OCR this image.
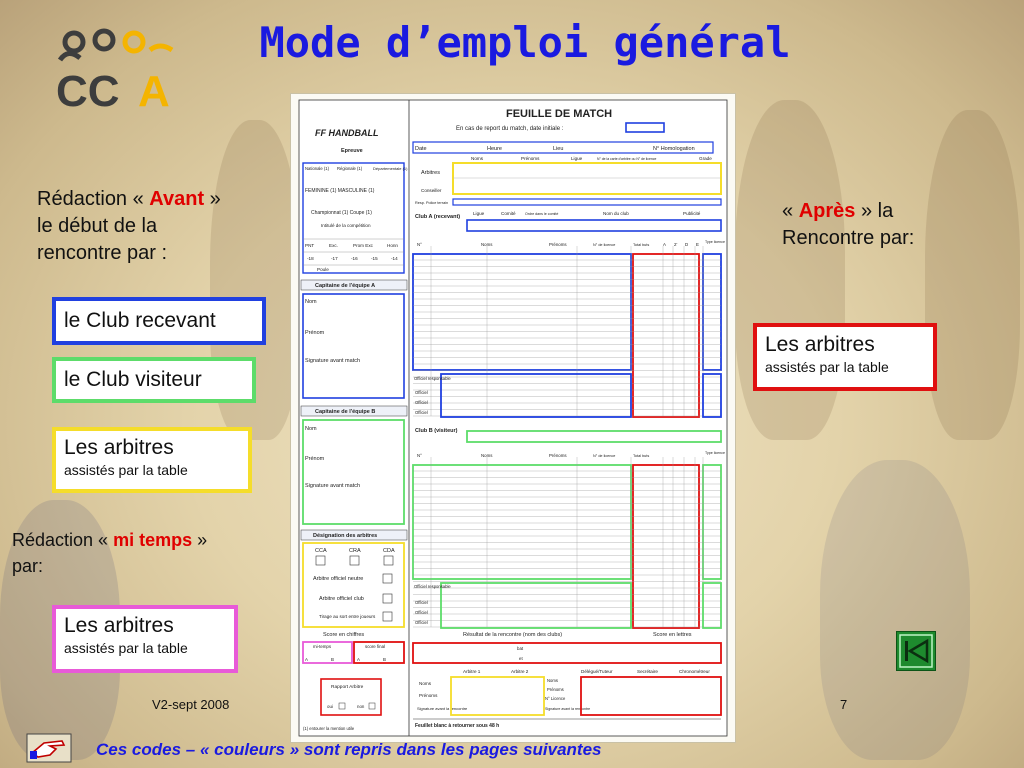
CC A
Mode d’emploi général
Rédaction « Avant »
le début de la
rencontre par :
le Club recevant
le Club visiteur
Les arbitres
assistés par la table
Rédaction « mi temps »
par:
Les arbitres
assistés par la table
« Après » la
Rencontre par:
Les arbitres
assistés par la table
FEUILLE DE MATCH
En cas de report du match, date initiale :
FF HANDBALL
Epreuve
Nationale (1) Régionale (1)	Départementale (1)
FEMININE (1) MASCULINE (1)
Championnat (1) Coupe (1)
Intitulé de la compétition
PNT	Exc.	Prom Exc	Honn
-18	-17	-16	-15	-14
Poule
Date	Heure	Lieu	N° Homologation
Noms	Prénoms	Ligue	N° de la carte d'arbitre ou N° de licence	Grade
Arbitres
Conseiller
Resp. Police terrain
Club A (recevant)
Ligue	Comité	Ordre dans le comité	Nom du club	Publicité
N°	Noms	Prénoms	N° de licence	Total buts	A 2' D E Type licence
Officiel responsable
Officiel
Officiel
Officiel
Capitaine de l'équipe A
Nom
Prénom
Signature avant match
Capitaine de l'équipe B
Nom
Prénom
Signature avant match
Club B (visiteur)
N°	Noms	Prénoms	N° de licence	Total buts
Type licence
Officiel responsable
Officiel
Officiel
Officiel
Désignation des arbitres
CCA	CRA	CDA
Arbitre officiel neutre
Arbitre officiel club
Tirage au sort entre joueurs
Score en chiffres	Résultat de la rencontre (nom des clubs)	Score en lettres
mi-temps
A	B
score final
A	B
bat
et
Rapport Arbitre
oui	non
(1) entourer la mention utile
Arbitre 1	Arbitre 2	Délégué/Tuteur	Secrétaire	Chronométreur
Noms
Prénoms
Signature avant la rencontre
Noms
Prénoms
N° Licence
Signature avant la rencontre
Feuillet blanc à retourner sous 48 h
V2-sept 2008	7
Ces codes – « couleurs » sont repris dans les pages suivantes
